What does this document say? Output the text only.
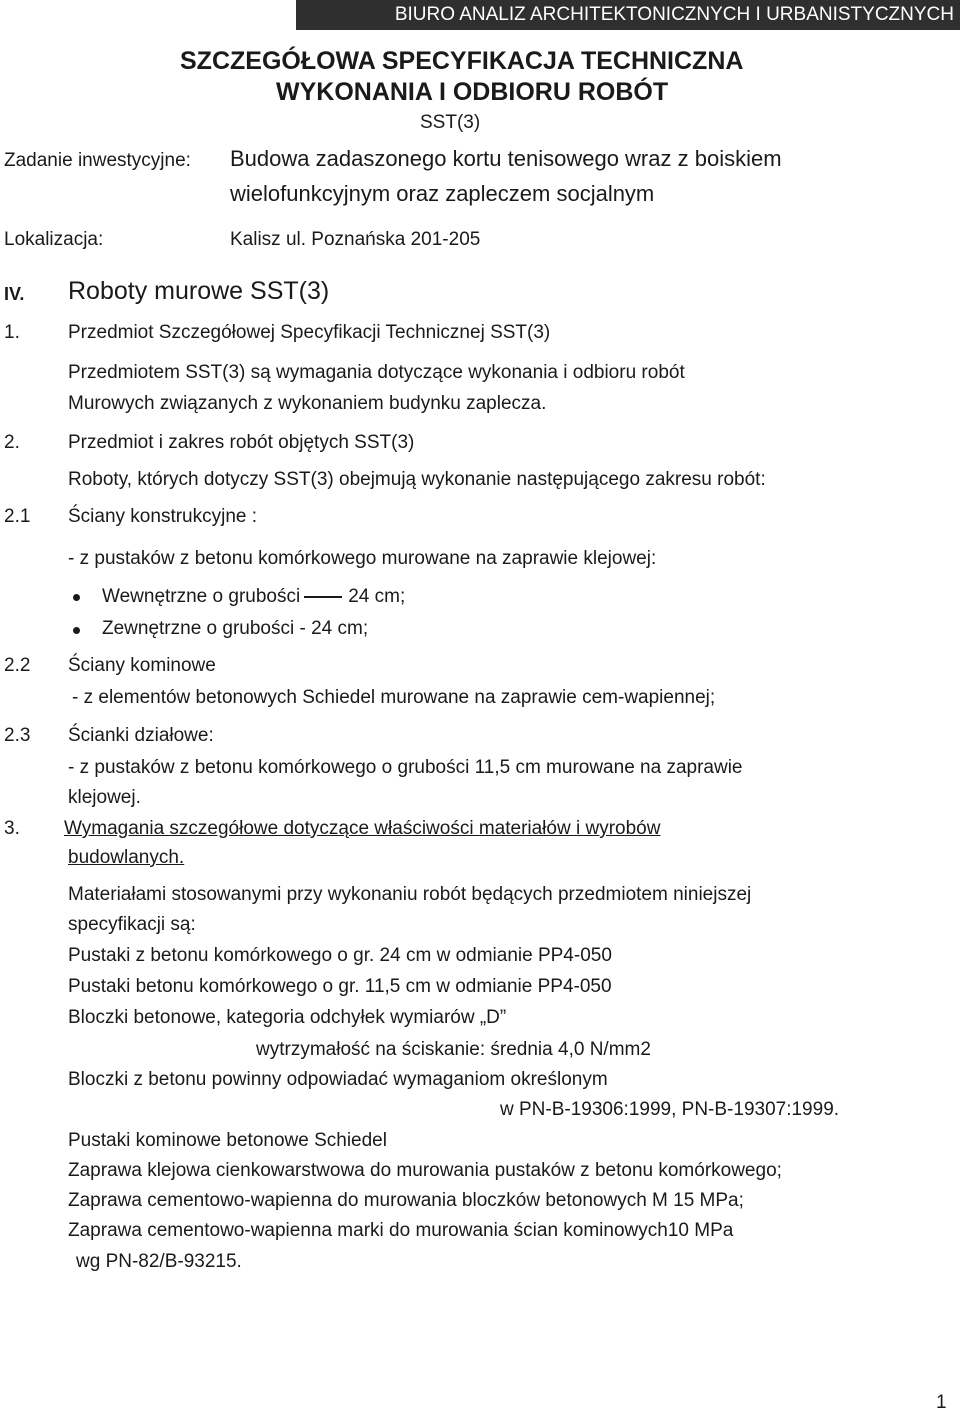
BIURO ANALIZ ARCHITEKTONICZNYCH I URBANISTYCZNYCH
SZCZEGÓŁOWA SPECYFIKACJA TECHNICZNA
WYKONANIA I ODBIORU ROBÓT
SST(3)
Zadanie inwestycyjne: Budowa zadaszonego kortu tenisowego wraz z boiskiem
wielofunkcyjnym oraz zapleczem socjalnym
Lokalizacja:	Kalisz ul. Poznańska 201-205
IV. Roboty murowe SST(3)
1.	Przedmiot Szczegółowej Specyfikacji Technicznej SST(3)
Przedmiotem SST(3) są wymagania dotyczące wykonania i odbioru robót
Murowych związanych z wykonaniem budynku zaplecza.
2.	Przedmiot i zakres robót objętych SST(3)
Roboty, których dotyczy SST(3) obejmują wykonanie następującego zakresu robót:
2.1 Ściany konstrukcyjne :
- z pustaków z betonu komórkowego murowane na zaprawie klejowej:
Wewnętrzne o grubości	24 cm;
Zewnętrzne o grubości - 24 cm;
2.2 Ściany kominowe
- z elementów betonowych Schiedel murowane na zaprawie cem-wapiennej;
2.3 Ścianki działowe:
- z pustaków z betonu komórkowego o grubości 11,5 cm murowane na zaprawie
klejowej.
3. Wymagania szczegółowe dotyczące właściwości materiałów i wyrobów
budowlanych.
Materiałami stosowanymi przy wykonaniu robót będących przedmiotem niniejszej
specyfikacji są:
Pustaki z betonu komórkowego o gr. 24 cm w odmianie PP4-050
Pustaki betonu komórkowego o gr. 11,5 cm w odmianie PP4-050
Bloczki betonowe, kategoria odchyłek wymiarów „D”
wytrzymałość na ściskanie: średnia 4,0 N/mm2
Bloczki z betonu powinny odpowiadać wymaganiom określonym
w PN-B-19306:1999, PN-B-19307:1999.
Pustaki kominowe betonowe Schiedel
Zaprawa klejowa cienkowarstwowa do murowania pustaków z betonu komórkowego;
Zaprawa cementowo-wapienna do murowania bloczków betonowych M 15 MPa;
Zaprawa cementowo-wapienna marki do murowania ścian kominowych10 MPa
wg PN-82/B-93215.
1
